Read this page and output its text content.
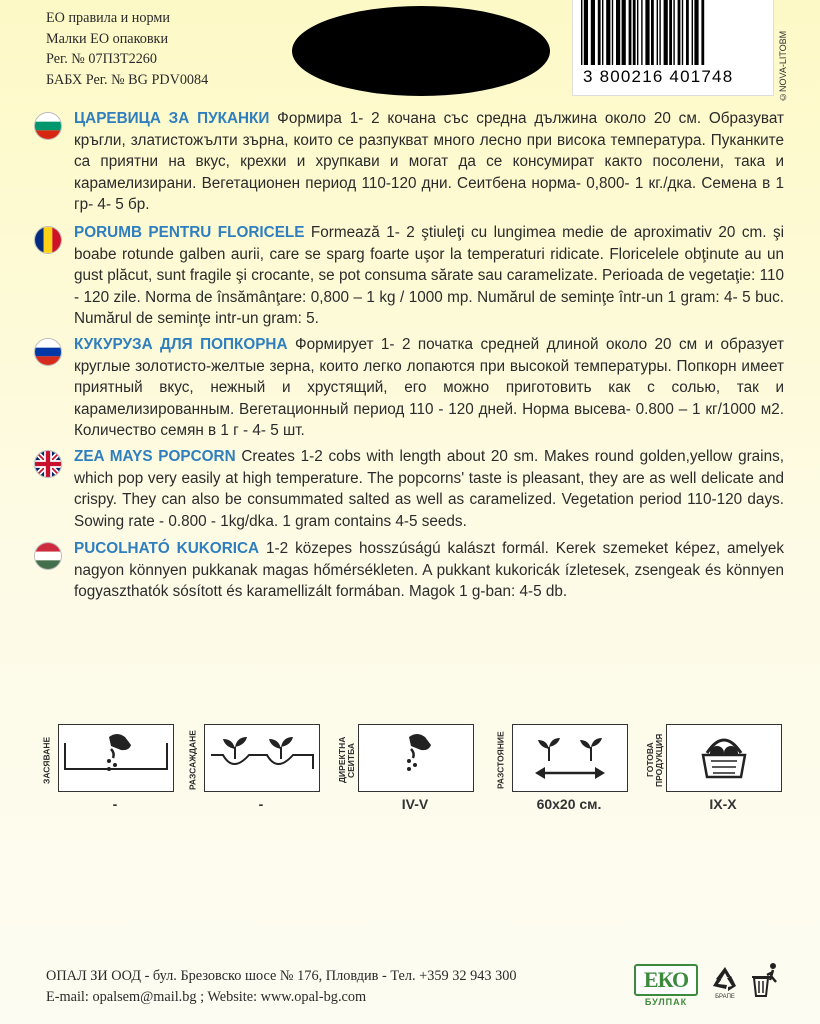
ЕО правила и норми
Малки ЕО опаковки
Рег. № 07ПЗТ2260
БАБХ Рег. № BG PDV0084	3 800216 401748	©NOVA-LITOBM
ЦАРЕВИЦА ЗА ПУКАНКИ Формира 1- 2 кочана със средна дължина около 20 см. Образуват кръгли, златистожълти зърна, които се разпукват много лесно при висока температура. Пуканките са приятни на вкус, крехки и хрупкави и могат да се консумират както посолени, така и карамелизирани. Вегетационен период 110-120 дни. Сеитбена норма- 0,800- 1 кг./дка. Семена в 1 гр- 4- 5 бр.
PORUMB PENTRU FLORICELE Formează 1- 2 ştiuleţi cu lungimea medie de aproximativ 20 cm. şi boabe rotunde galben aurii, care se sparg foarte uşor la temperaturi ridicate. Floricelele obţinute au un gust plăcut, sunt fragile şi crocante, se pot consuma sărate sau caramelizate. Perioada de vegetaţie: 110 - 120 zile. Norma de însămânţare: 0,800 – 1 kg / 1000 mp. Numărul de seminţe într-un 1 gram: 4- 5 buc. Numărul de seminţe intr-un gram: 5.
КУКУРУЗА ДЛЯ ПОПКОРНА Формирует 1- 2 початка средней длиной около 20 см и образует круглые золотисто-желтые зерна, които легко лопаются при высокой температуры. Попкорн имеет приятный вкус, нежный и хрустящий, его можно приготовить как с солью, так и карамелизированным. Вегетационный период 110 - 120 дней. Норма высева- 0.800 – 1 кг/1000 м2. Количество семян в 1 г - 4- 5 шт.
ZEA MAYS POPCORN Creates 1-2 cobs with length about 20 sm. Makes round golden,yellow grains, which pop very easily at high temperature. The popcorns' taste is pleasant, they are as well delicate and crispy. They can also be consummated salted as well as caramelized. Vegetation period 110-120 days. Sowing rate - 0.800 - 1kg/dka. 1 gram contains 4-5 seeds.
PUCOLHATÓ KUKORICA 1-2 közepes hosszúságú kalászt formál. Kerek szemeket képez, amelyek nagyon könnyen pukkanak magas hőmérsékleten. A pukkant kukoricák ízletesek, zsengeak és könnyen fogyaszthatók sósított és karamellizált formában. Magok 1 g-ban: 4-5 db.
ЗАСЯВАНЕ
-
РАЗСАЖДАНЕ
-
ДИРЕКТНА СЕИТБА
IV-V
РАЗСТОЯНИЕ
60x20 см.
ГОТОВА ПРОДУКЦИЯ
IX-X
ОПАЛ ЗИ ООД - бул. Брезовско шосе № 176, Пловдив - Тел. +359 32 943 300
E-mail: opalsem@mail.bg ; Website: www.opal-bg.com
ЕКО
БУЛПАК	БРАПЕ
